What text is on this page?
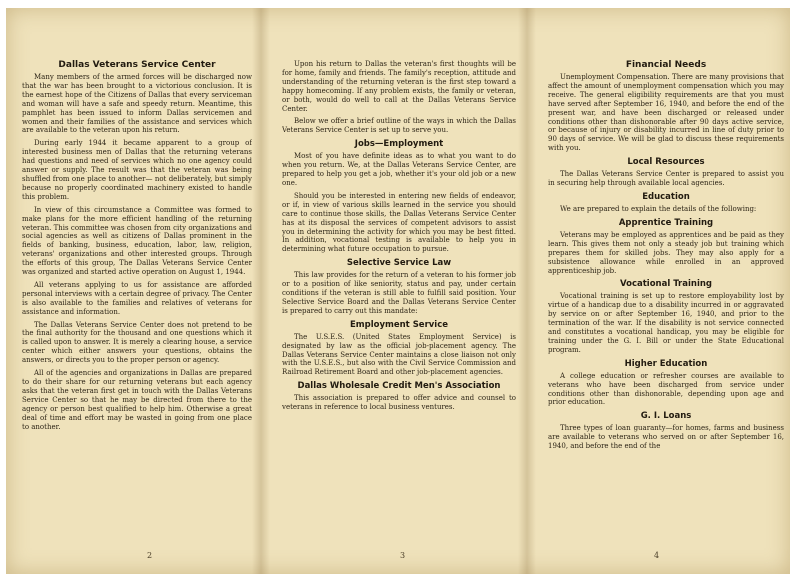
Dallas Veterans Service Center

Many members of the armed forces will be discharged now that the war has been brought to a victorious conclusion. It is the earnest hope of the Citizens of Dallas that every serviceman and woman will have a safe and speedy return. Meantime, this pamphlet has been issued to inform Dallas servicemen and women and their families of the assistance and services which are available to the veteran upon his return.

During early 1944 it became apparent to a group of interested business men of Dallas that the returning veterans had questions and need of services which no one agency could answer or supply. The result was that the veteran was being shuffled from one place to another— not deliberately, but simply because no properly coordinated machinery existed to handle this problem.

In view of this circumstance a Committee was formed to make plans for the more efficient handling of the returning veteran. This committee was chosen from city organizations and social agencies as well as citizens of Dallas prominent in the fields of banking, business, education, labor, law, religion, veterans' organizations and other interested groups. Through the efforts of this group, The Dallas Veterans Service Center was organized and started active operation on August 1, 1944.

All veterans applying to us for assistance are afforded personal interviews with a certain degree of privacy. The Center is also available to the families and relatives of veterans for assistance and information.

The Dallas Veterans Service Center does not pretend to be the final authority for the thousand and one questions which it is called upon to answer. It is merely a clearing house, a service center which either answers your questions, obtains the answers, or directs you to the proper person or agency.

All of the agencies and organizations in Dallas are prepared to do their share for our returning veterans but each agency asks that the veteran first get in touch with the Dallas Veterans Service Center so that he may be directed from there to the agency or person best qualified to help him. Otherwise a great deal of time and effort may be wasted in going from one place to another.

2

Upon his return to Dallas the veteran's first thoughts will be for home, family and friends. The family's reception, attitude and understanding of the returning veteran is the first step toward a happy homecoming. If any problem exists, the family or veteran, or both, would do well to call at the Dallas Veterans Service Center.

Below we offer a brief outline of the ways in which the Dallas Veterans Service Center is set up to serve you.

Jobs—Employment

Most of you have definite ideas as to what you want to do when you return. We, at the Dallas Veterans Service Center, are prepared to help you get a job, whether it's your old job or a new one.

Should you be interested in entering new fields of endeavor, or if, in view of various skills learned in the service you should care to continue those skills, the Dallas Veterans Service Center has at its disposal the services of competent advisors to assist you in determining the activity for which you may be best fitted. In addition, vocational testing is available to help you in determining what future occupation to pursue.

Selective Service Law

This law provides for the return of a veteran to his former job or to a position of like seniority, status and pay, under certain conditions if the veteran is still able to fulfill said position. Your Selective Service Board and the Dallas Veterans Service Center is prepared to carry out this mandate:

Employment Service

The U.S.E.S. (United States Employment Service) is designated by law as the official job-placement agency. The Dallas Veterans Service Center maintains a close liaison not only with the U.S.E.S., but also with the Civil Service Commission and Railroad Retirement Board and other job-placement agencies.

Dallas Wholesale Credit Men's Association

This association is prepared to offer advice and counsel to veterans in reference to local business ventures.

3
Financial Needs

Unemployment Compensation. There are many provisions that affect the amount of unemployment compensation which you may receive. The general eligibility requirements are that you must have served after September 16, 1940, and before the end of the present war, and have been discharged or released under conditions other than dishonorable after 90 days active service, or because of injury or disability incurred in line of duty prior to 90 days of service. We will be glad to discuss these requirements with you.

Local Resources

The Dallas Veterans Service Center is prepared to assist you in securing help through available local agencies.

Education

We are prepared to explain the details of the following:

Apprentice Training

Veterans may be employed as apprentices and be paid as they learn. This gives them not only a steady job but training which prepares them for skilled jobs. They may also apply for a subsistence allowance while enrolled in an approved apprenticeship job.

Vocational Training

Vocational training is set up to restore employability lost by virtue of a handicap due to a disability incurred in or aggravated by service on or after September 16, 1940, and prior to the termination of the war. If the disability is not service connected and constitutes a vocational handicap, you may be eligible for training under the G. I. Bill or under the State Educational program.

Higher Education

A college education or refresher courses are available to veterans who have been discharged from service under conditions other than dishonorable, depending upon age and prior education.

G. I. Loans

Three types of loan guaranty—for homes, farms and business are available to veterans who served on or after September 16, 1940, and before the end of the

4
